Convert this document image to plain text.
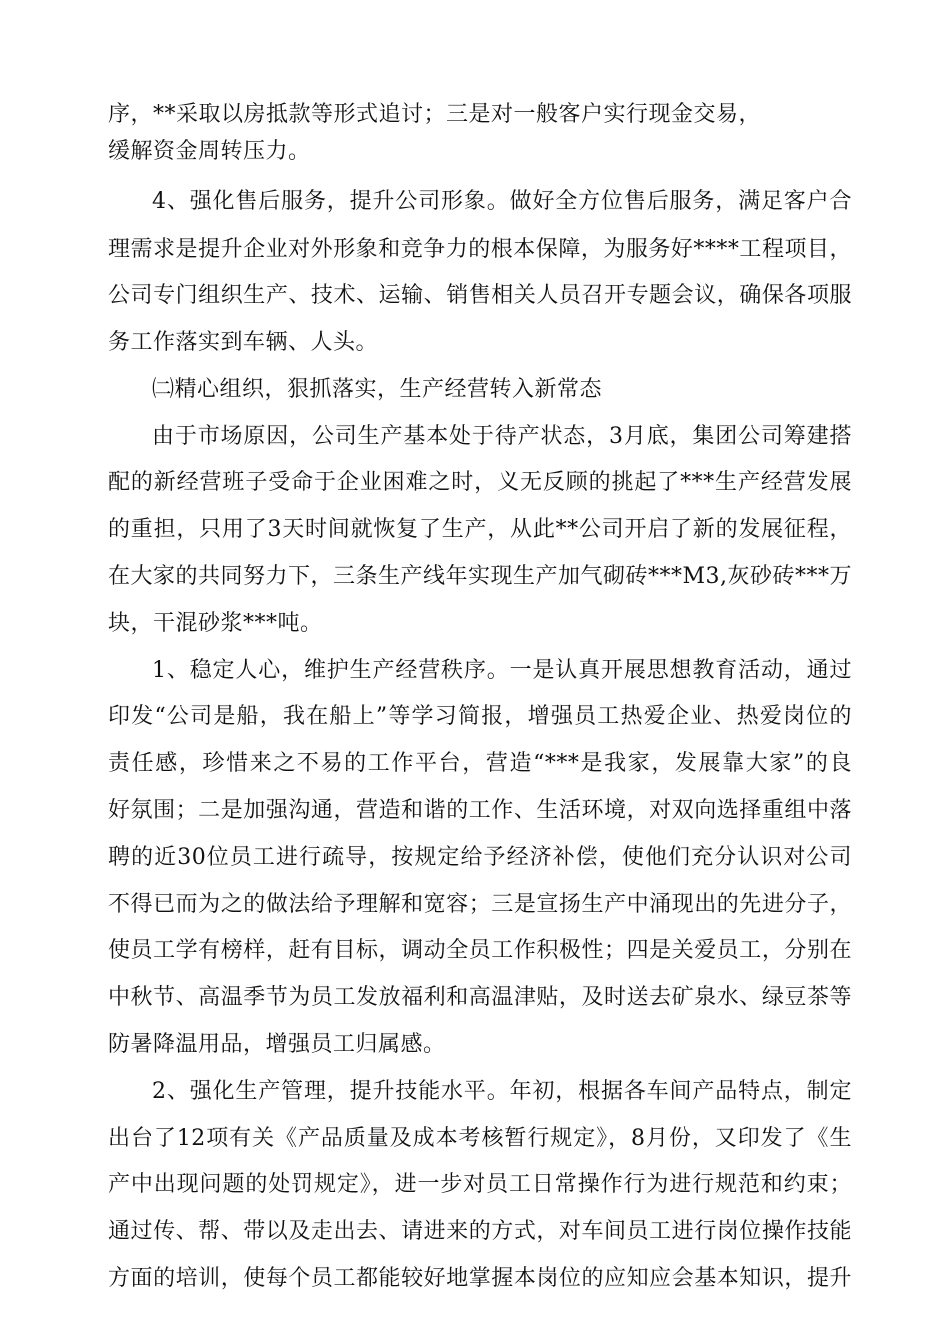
序，**采取以房抵款等形式追讨；三是对一般客户实行现金交易，
缓解资金周转压力。
4、强化售后服务，提升公司形象。做好全方位售后服务，满足客户合
理需求是提升企业对外形象和竞争力的根本保障，为服务好****工程项目，
公司专门组织生产、技术、运输、销售相关人员召开专题会议，确保各项服
务工作落实到车辆、人头。
㈡精心组织，狠抓落实，生产经营转入新常态
由于市场原因，公司生产基本处于待产状态，3月底，集团公司筹建搭
配的新经营班子受命于企业困难之时，义无反顾的挑起了***生产经营发展
的重担，只用了3天时间就恢复了生产，从此**公司开启了新的发展征程，
在大家的共同努力下，三条生产线年实现生产加气砌砖***M3,灰砂砖***万
块，干混砂浆***吨。
1、稳定人心，维护生产经营秩序。一是认真开展思想教育活动，通过
印发“公司是船，我在船上”等学习简报，增强员工热爱企业、热爱岗位的
责任感，珍惜来之不易的工作平台，营造“***是我家，发展靠大家”的良
好氛围；二是加强沟通，营造和谐的工作、生活环境，对双向选择重组中落
聘的近30位员工进行疏导，按规定给予经济补偿，使他们充分认识对公司
不得已而为之的做法给予理解和宽容；三是宣扬生产中涌现出的先进分子，
使员工学有榜样，赶有目标，调动全员工作积极性；四是关爱员工，分别在
中秋节、高温季节为员工发放福利和高温津贴，及时送去矿泉水、绿豆茶等
防暑降温用品，增强员工归属感。
2、强化生产管理，提升技能水平。年初，根据各车间产品特点，制定
出台了12项有关《产品质量及成本考核暂行规定》，8月份，又印发了《生
产中出现问题的处罚规定》，进一步对员工日常操作行为进行规范和约束；
通过传、帮、带以及走出去、请进来的方式，对车间员工进行岗位操作技能
方面的培训，使每个员工都能较好地掌握本岗位的应知应会基本知识，提升
